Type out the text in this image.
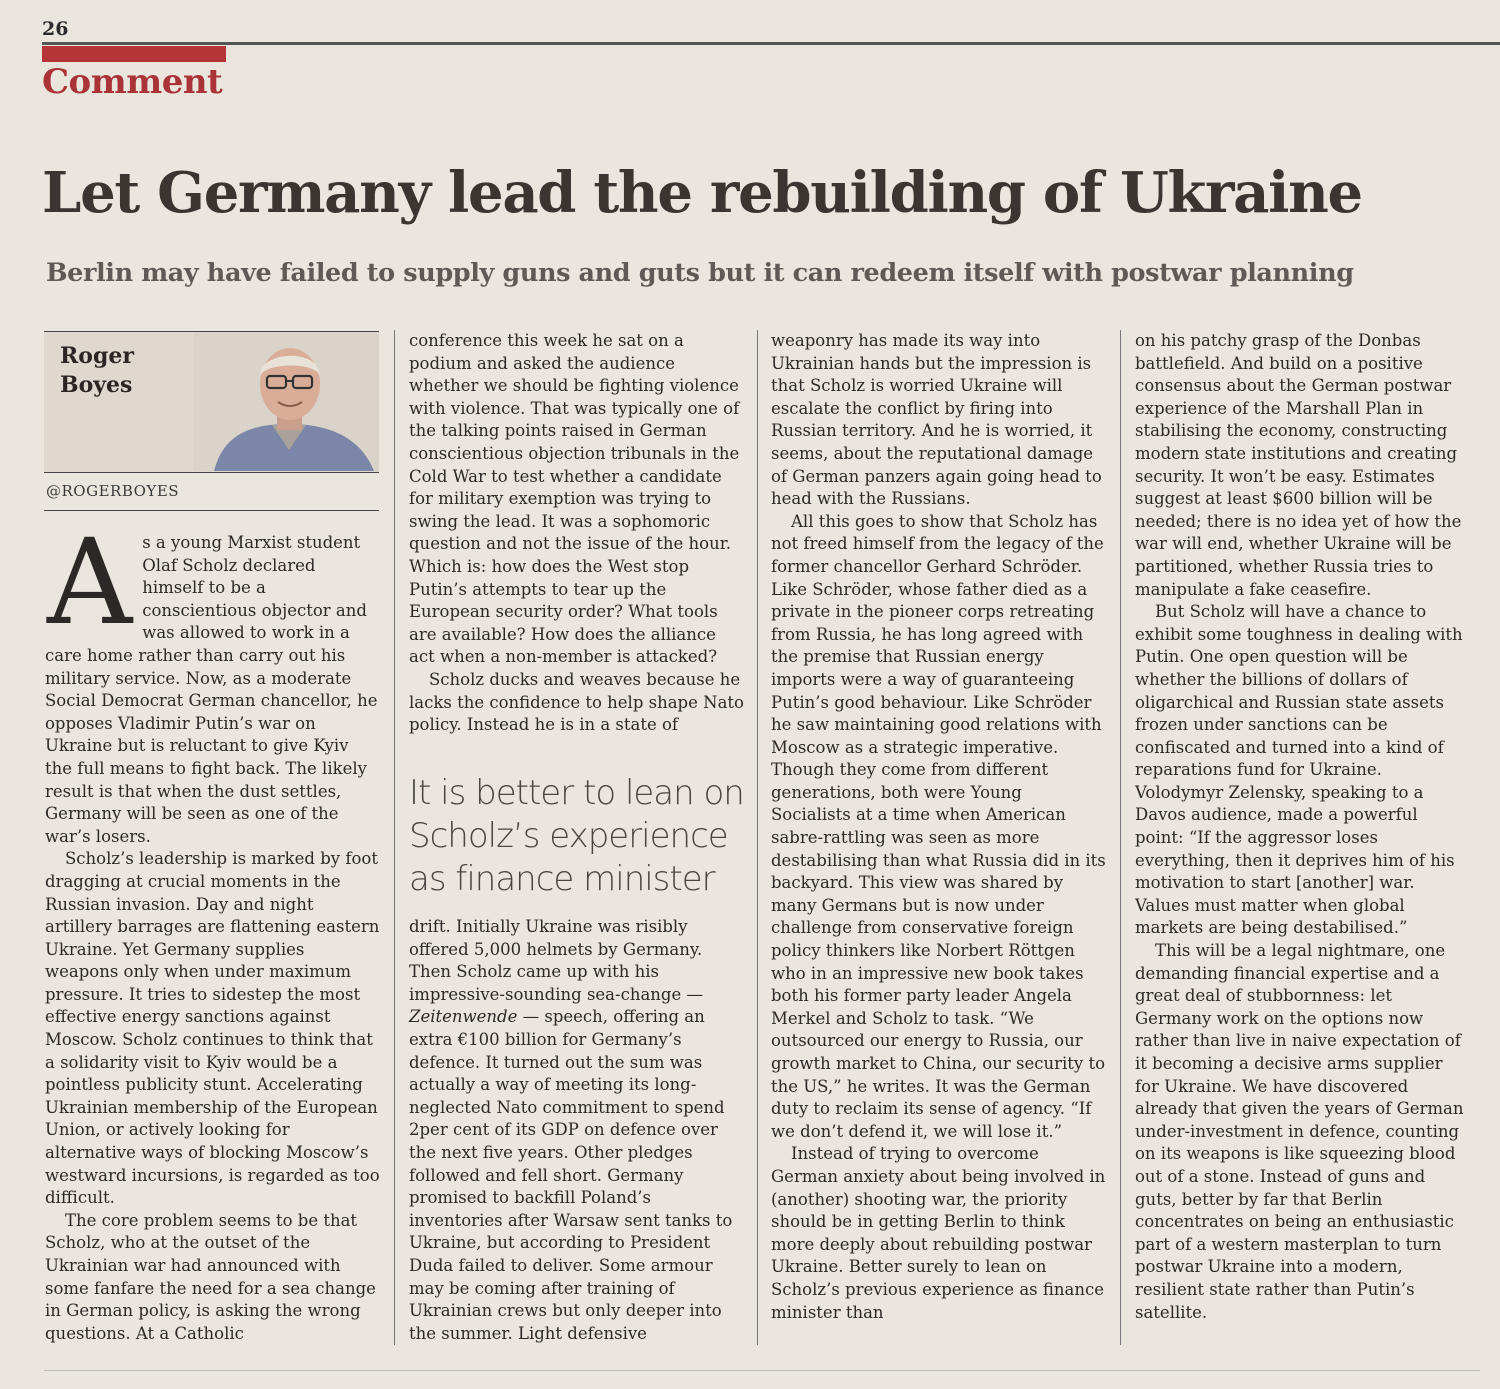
26
Comment
Let Germany lead the rebuilding of Ukraine
Berlin may have failed to supply guns and guts but it can redeem itself with postwar planning
Roger Boyes
@ROGERBOYES

As a young Marxist student Olaf Scholz declared himself to be a conscientious objector and was allowed to work in a care home rather than carry out his military service. Now, as a moderate Social Democrat German chancellor, he opposes Vladimir Putin’s war on Ukraine but is reluctant to give Kyiv the full means to fight back. The likely result is that when the dust settles, Germany will be seen as one of the war’s losers.

Scholz’s leadership is marked by foot dragging at crucial moments in the Russian invasion. Day and night artillery barrages are flattening eastern Ukraine. Yet Germany supplies weapons only when under maximum pressure. It tries to sidestep the most effective energy sanctions against Moscow. Scholz continues to think that a solidarity visit to Kyiv would be a pointless publicity stunt. Accelerating Ukrainian membership of the European Union, or actively looking for alternative ways of blocking Moscow’s westward incursions, is regarded as too difficult.

The core problem seems to be that Scholz, who at the outset of the Ukrainian war had announced with some fanfare the need for a sea change in German policy, is asking the wrong questions. At a Catholic

conference this week he sat on a podium and asked the audience whether we should be fighting violence with violence. That was typically one of the talking points raised in German conscientious objection tribunals in the Cold War to test whether a candidate for military exemption was trying to swing the lead. It was a sophomoric question and not the issue of the hour. Which is: how does the West stop Putin’s attempts to tear up the European security order? What tools are available? How does the alliance act when a non-member is attacked?

Scholz ducks and weaves because he lacks the confidence to help shape Nato policy. Instead he is in a state of

It is better to lean on Scholz’s experience as finance minister

drift. Initially Ukraine was risibly offered 5,000 helmets by Germany. Then Scholz came up with his impressive-sounding sea-change — Zeitenwende — speech, offering an extra €100 billion for Germany’s defence. It turned out the sum was actually a way of meeting its long-neglected Nato commitment to spend 2per cent of its GDP on defence over the next five years. Other pledges followed and fell short. Germany promised to backfill Poland’s inventories after Warsaw sent tanks to Ukraine, but according to President Duda failed to deliver. Some armour may be coming after training of Ukrainian crews but only deeper into the summer. Light defensive

weaponry has made its way into Ukrainian hands but the impression is that Scholz is worried Ukraine will escalate the conflict by firing into Russian territory. And he is worried, it seems, about the reputational damage of German panzers again going head to head with the Russians.

All this goes to show that Scholz has not freed himself from the legacy of the former chancellor Gerhard Schröder. Like Schröder, whose father died as a private in the pioneer corps retreating from Russia, he has long agreed with the premise that Russian energy imports were a way of guaranteeing Putin’s good behaviour. Like Schröder he saw maintaining good relations with Moscow as a strategic imperative. Though they come from different generations, both were Young Socialists at a time when American sabre-rattling was seen as more destabilising than what Russia did in its backyard. This view was shared by many Germans but is now under challenge from conservative foreign policy thinkers like Norbert Röttgen who in an impressive new book takes both his former party leader Angela Merkel and Scholz to task. “We outsourced our energy to Russia, our growth market to China, our security to the US,” he writes. It was the German duty to reclaim its sense of agency. “If we don’t defend it, we will lose it.”

Instead of trying to overcome German anxiety about being involved in (another) shooting war, the priority should be in getting Berlin to think more deeply about rebuilding postwar Ukraine. Better surely to lean on Scholz’s previous experience as finance minister than

on his patchy grasp of the Donbas battlefield. And build on a positive consensus about the German postwar experience of the Marshall Plan in stabilising the economy, constructing modern state institutions and creating security. It won’t be easy. Estimates suggest at least $600 billion will be needed; there is no idea yet of how the war will end, whether Ukraine will be partitioned, whether Russia tries to manipulate a fake ceasefire.

But Scholz will have a chance to exhibit some toughness in dealing with Putin. One open question will be whether the billions of dollars of oligarchical and Russian state assets frozen under sanctions can be confiscated and turned into a kind of reparations fund for Ukraine. Volodymyr Zelensky, speaking to a Davos audience, made a powerful point: “If the aggressor loses everything, then it deprives him of his motivation to start [another] war. Values must matter when global markets are being destabilised.”

This will be a legal nightmare, one demanding financial expertise and a great deal of stubbornness: let Germany work on the options now rather than live in naive expectation of it becoming a decisive arms supplier for Ukraine. We have discovered already that given the years of German under-investment in defence, counting on its weapons is like squeezing blood out of a stone. Instead of guns and guts, better by far that Berlin concentrates on being an enthusiastic part of a western masterplan to turn postwar Ukraine into a modern, resilient state rather than Putin’s satellite.
